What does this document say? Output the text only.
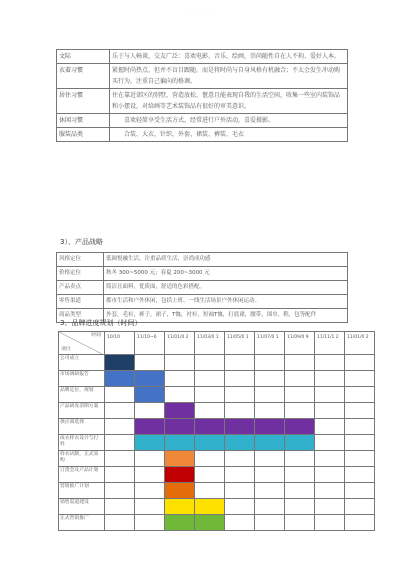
· · · · · · · · · ·
文际	乐于与人畅谈，交友广泛：喜欢电影、音乐、绘画，崇尚随性自在人不拘、爱好人本。
衣着习惯	紧握时尚热点，但并不盲目跟随，而是将时尚与自身风格有机融合；不太会发生冲动购买行为，注重自己偏向的格调。
居住习惯	住在靠近郊区的别墅，营造放松、惬意且能表现自我的生活空间，收集一些室内装饰品和小摆设，对给画等艺术装饰品有很好的审美意识。
休闲习惯	喜欢轻简享受生活方式，经常进行户外活动，喜爱摄影。
服装品类	合装、大衣、针织、外套、裙装、裤装、毛衣
3）、产品战略
风格定位	低调悦融生活，注重品质生活，崇尚成功感
价格定位	秋冬 300~5000 元；春夏 200~3000 元
产品卖点	简洁且面料，优质面，舒适的色彩搭配。
零售渠道	都市生活和户外休闲，包括上班、一线生活场景户外休闲运动。
商品类型	外套，毛衫，裤子，裙子，T恤，衬衫，短袖T恤，打底裙，腰带，围巾，鞋，包等配件
3、品牌进度规划（时间）
时间
项目	10/10	11/10~6	11/01/0 2	11/03/0 1	11/05/0 1	11/07/0 1	11/09/0 9	11/11/1 2	11/01/0 2
公司成立									
市场调研报告									
品牌定位，规划									
产品研发前期方案									
供应商选择									
成衣样衣设计与打样									
样衣试制，正式采购									
订货会及产品计划									
营销推广计划									
销售渠道建设									
正式营销推广									
